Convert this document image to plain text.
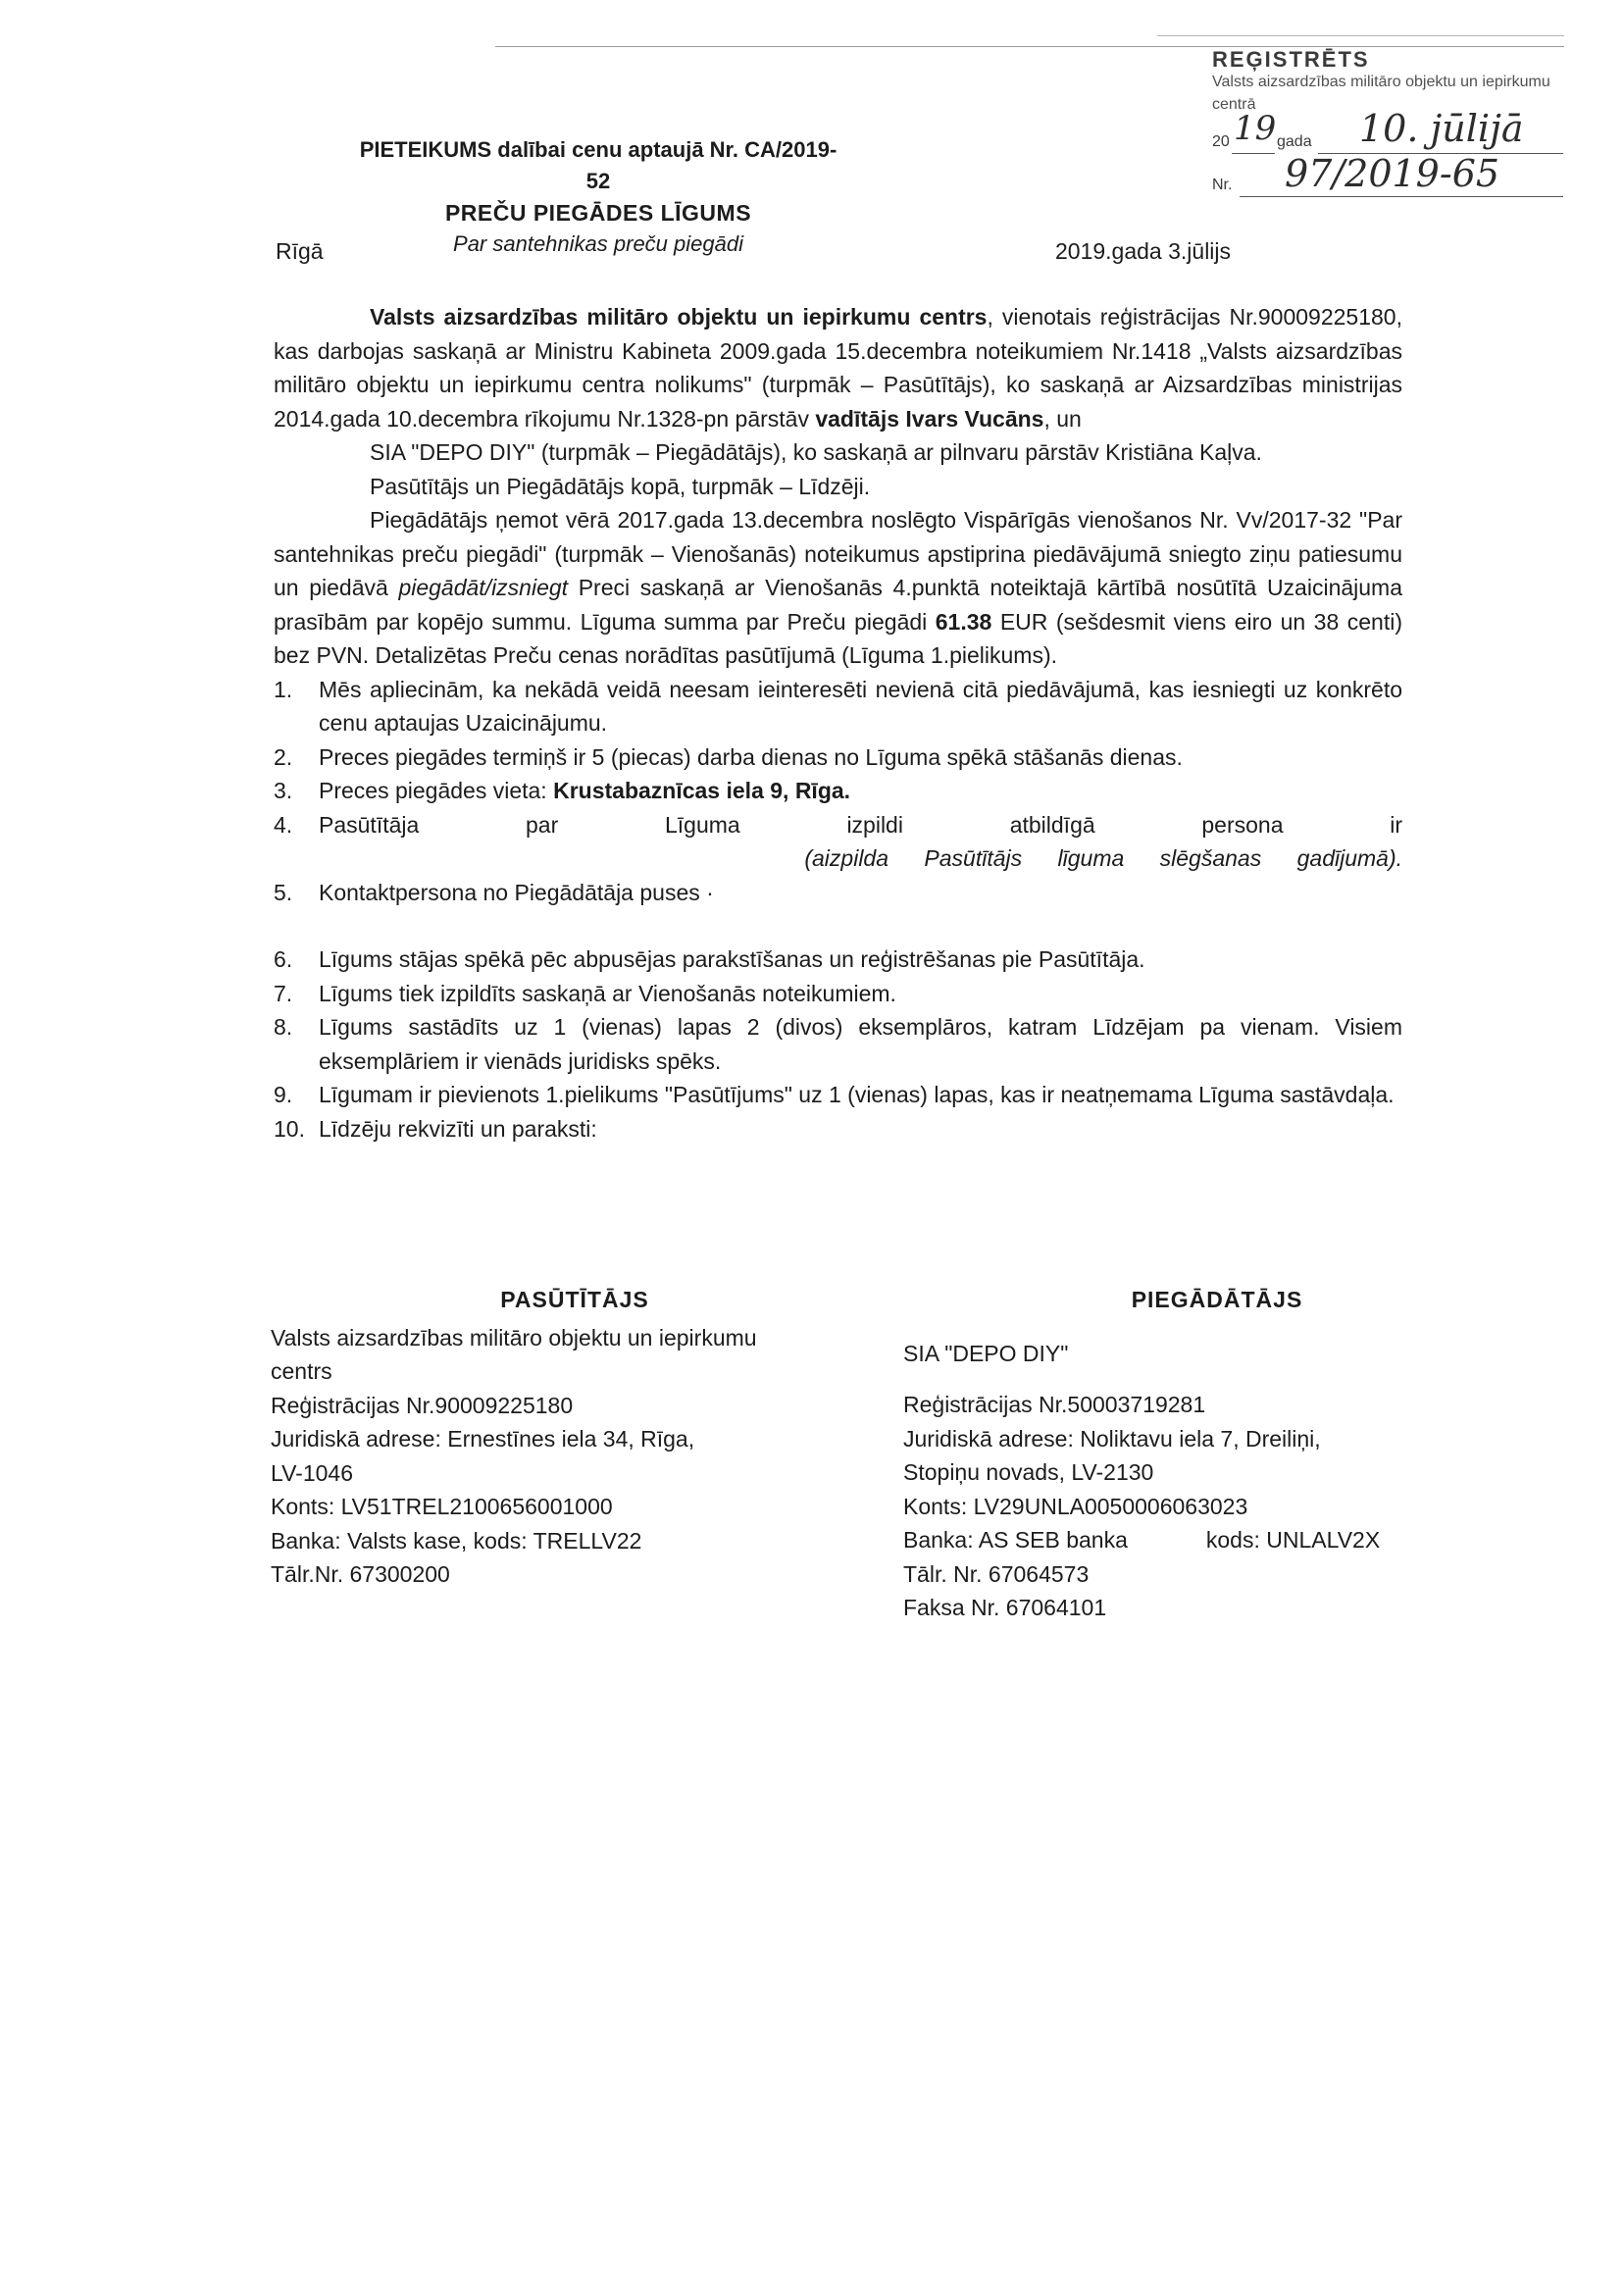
REĢISTRĒTS
Valsts aizsardzības militāro objektu un iepirkumu centrā
20 19 gada 10. jūlijā
Nr. 97/2019-65
PIETEIKUMS dalībai cenu aptaujā Nr. CA/2019-52
PREČU PIEGĀDES LĪGUMS
Par santehnikas preču piegādi
Rīgā	2019.gada 3.jūlijs

Valsts aizsardzības militāro objektu un iepirkumu centrs, vienotais reģistrācijas Nr.90009225180, kas darbojas saskaņā ar Ministru Kabineta 2009.gada 15.decembra noteikumiem Nr.1418 „Valsts aizsardzības militāro objektu un iepirkumu centra nolikums" (turpmāk – Pasūtītājs), ko saskaņā ar Aizsardzības ministrijas 2014.gada 10.decembra rīkojumu Nr.1328-pn pārstāv vadītājs Ivars Vucāns, un

SIA "DEPO DIY" (turpmāk – Piegādātājs), ko saskaņā ar pilnvaru pārstāv Kristiāna Kaļva.

Pasūtītājs un Piegādātājs kopā, turpmāk – Līdzēji.

Piegādātājs ņemot vērā 2017.gada 13.decembra noslēgto Vispārīgās vienošanos Nr. Vv/2017-32 "Par santehnikas preču piegādi" (turpmāk – Vienošanās) noteikumus apstiprina piedāvājumā sniegto ziņu patiesumu un piedāvā piegādāt/izsniegt Preci saskaņā ar Vienošanās 4.punktā noteiktajā kārtībā nosūtītā Uzaicinājuma prasībām par kopējo summu. Līguma summa par Preču piegādi 61.38 EUR (sešdesmit viens eiro un 38 centi) bez PVN. Detalizētas Preču cenas norādītas pasūtījumā (Līguma 1.pielikums).

1. Mēs apliecinām, ka nekādā veidā neesam ieinteresēti nevienā citā piedāvājumā, kas iesniegti uz konkrēto cenu aptaujas Uzaicinājumu.
2. Preces piegādes termiņš ir 5 (piecas) darba dienas no Līguma spēkā stāšanās dienas.
3. Preces piegādes vieta: Krustabaznīcas iela 9, Rīga.
4. Pasūtītāja par Līguma izpildi atbildīgā persona ir
(aizpilda Pasūtītājs līguma slēgšanas gadījumā).
5. Kontaktpersona no Piegādātāja puses ·
6. Līgums stājas spēkā pēc abpusējas parakstīšanas un reģistrēšanas pie Pasūtītāja.
7. Līgums tiek izpildīts saskaņā ar Vienošanās noteikumiem.
8. Līgums sastādīts uz 1 (vienas) lapas 2 (divos) eksemplāros, katram Līdzējam pa vienam. Visiem eksemplāriem ir vienāds juridisks spēks.
9. Līgumam ir pievienots 1.pielikums "Pasūtījums" uz 1 (vienas) lapas, kas ir neatņemama Līguma sastāvdaļa.
10. Līdzēju rekvizīti un paraksti:
PASŪTĪTĀJS
Valsts aizsardzības militāro objektu un iepirkumu
centrs
Reģistrācijas Nr.90009225180
Juridiskā adrese: Ernestīnes iela 34, Rīga,
LV-1046
Konts: LV51TREL2100656001000
Banka: Valsts kase, kods: TRELLV22
Tālr.Nr. 67300200
PIEGĀDĀTĀJS
SIA "DEPO DIY"
Reģistrācijas Nr.50003719281
Juridiskā adrese: Noliktavu iela 7, Dreiliņi,
Stopiņu novads, LV-2130
Konts: LV29UNLA0050006063023
Banka: AS SEB banka	kods: UNLALV2X
Tālr. Nr. 67064573
Faksa Nr. 67064101
